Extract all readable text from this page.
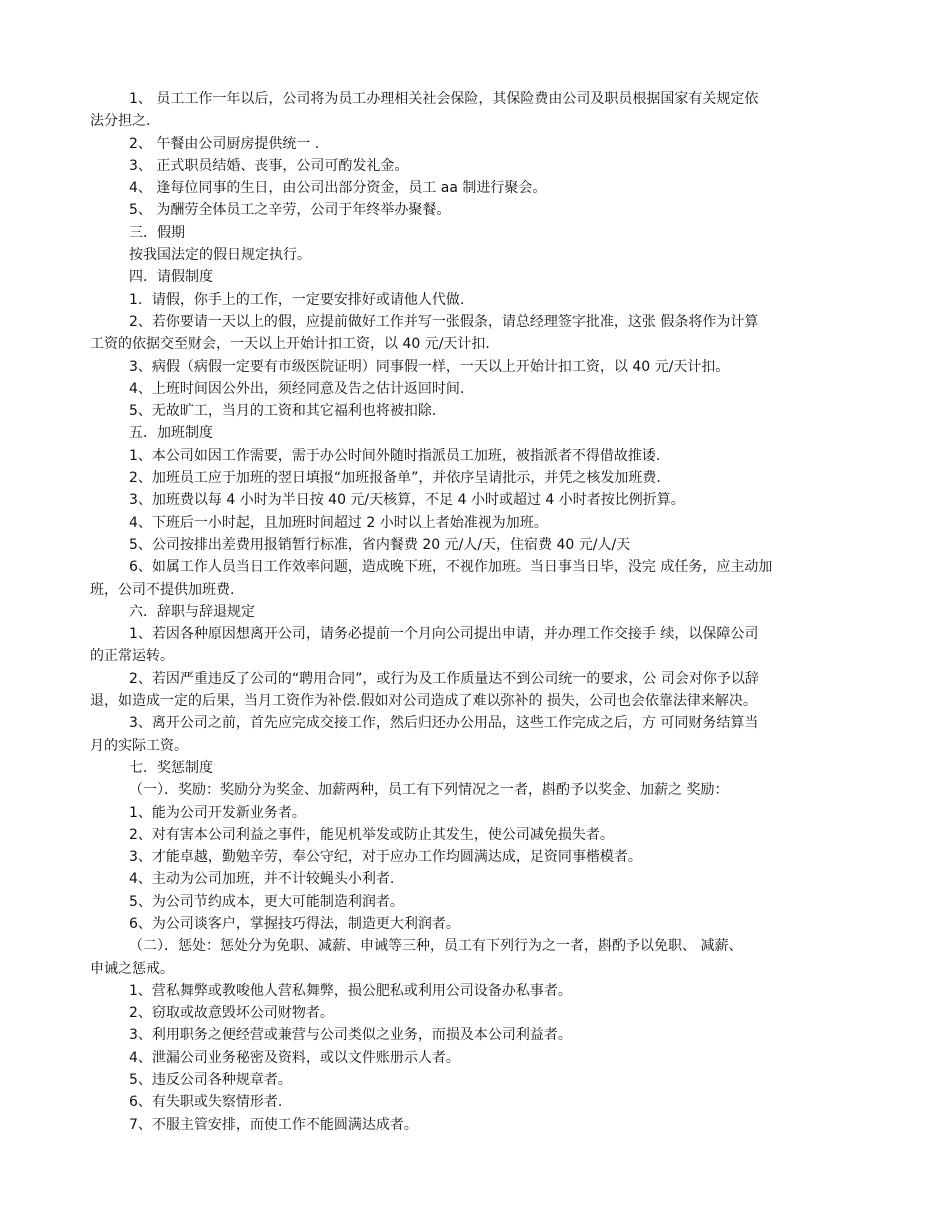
1、 员工工作一年以后，公司将为员工办理相关社会保险，其保险费由公司及职员根据国家有关规定依

法分担之.

2、 午餐由公司厨房提供统一 .

3、 正式职员结婚、丧事，公司可酌发礼金。

4、 逢每位同事的生日，由公司出部分资金，员工 aa 制进行聚会。

5、 为酬劳全体员工之辛劳，公司于年终举办聚餐。

三．假期

按我国法定的假日规定执行。

四．请假制度

1．请假，你手上的工作，一定要安排好或请他人代做.

2、若你要请一天以上的假，应提前做好工作并写一张假条，请总经理签字批准，这张 假条将作为计算

工资的依据交至财会，一天以上开始计扣工资，以 40 元/天计扣.

3、病假（病假一定要有市级医院证明）同事假一样，一天以上开始计扣工资，以 40 元/天计扣。

4、上班时间因公外出，须经同意及告之估计返回时间.

5、无故旷工，当月的工资和其它福利也将被扣除.

五．加班制度

1、本公司如因工作需要，需于办公时间外随时指派员工加班，被指派者不得借故推诿.

2、加班员工应于加班的翌日填报“加班报备单”，并依序呈请批示，并凭之核发加班费.

3、加班费以每 4 小时为半日按 40 元/天核算，不足 4 小时或超过 4 小时者按比例折算。

4、下班后一小时起，且加班时间超过 2 小时以上者始准视为加班。

5、公司按排出差费用报销暂行标准，省内餐费 20 元/人/天，住宿费 40 元/人/天

6、如属工作人员当日工作效率问题，造成晚下班，不视作加班。当日事当日毕，没完 成任务，应主动加

班，公司不提供加班费.

六．辞职与辞退规定

1、若因各种原因想离开公司，请务必提前一个月向公司提出申请，并办理工作交接手 续，以保障公司

的正常运转。

2、若因严重违反了公司的“聘用合同”，或行为及工作质量达不到公司统一的要求，公 司会对你予以辞

退，如造成一定的后果，当月工资作为补偿.假如对公司造成了难以弥补的 损失，公司也会依靠法律来解决。

3、离开公司之前，首先应完成交接工作，然后归还办公用品，这些工作完成之后，方 可同财务结算当

月的实际工资。

七．奖惩制度

（一）．奖励：奖励分为奖金、加薪两种，员工有下列情况之一者，斟酌予以奖金、加薪之 奖励：

1、能为公司开发新业务者。

2、对有害本公司利益之事件，能见机举发或防止其发生，使公司减免损失者。

3、才能卓越，勤勉辛劳，奉公守纪，对于应办工作均圆满达成，足资同事楷模者。

4、主动为公司加班，并不计较蝇头小利者.

5、为公司节约成本，更大可能制造利润者。

6、为公司谈客户，掌握技巧得法，制造更大利润者。

（二）．惩处：惩处分为免职、减薪、申诫等三种，员工有下列行为之一者，斟酌予以免职、 减薪、

申诫之惩戒。

1、营私舞弊或教唆他人营私舞弊，损公肥私或利用公司设备办私事者。

2、窃取或故意毁坏公司财物者。

3、利用职务之便经营或兼营与公司类似之业务，而损及本公司利益者。

4、泄漏公司业务秘密及资料，或以文件账册示人者。

5、违反公司各种规章者。

6、有失职或失察情形者.

7、不服主管安排，而使工作不能圆满达成者。
